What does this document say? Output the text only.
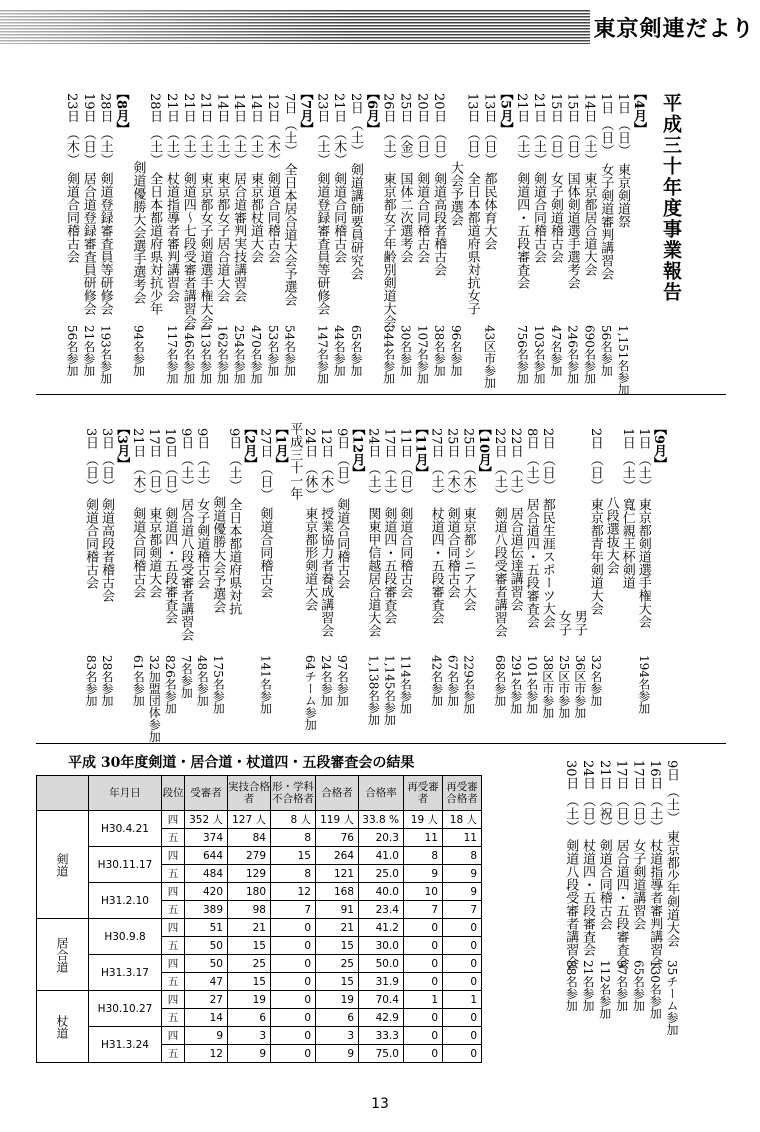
東京剣連だより
平成三十年度事業報告
【4月】
1日（日）東京剣道祭
1,151名参加
1日（日）女子剣道審判講習会
56名参加
14日（土）東京都居合道大会
690名参加
15日（日）国体剣道選手選考会
246名参加
15日（日）女子剣道稽古会
47名参加
21日（土）剣道合同稽古会
103名参加
21日（土）剣道四・五段審査会
756名参加
【5月】
13日（日）都民体育大会
43区市参加
13日（日）全日本都道府県対抗女子
大会予選会
96名参加
20日（日）剣道高段者稽古会
38名参加
20日（日）剣道合同稽古会
107名参加
25日（金）国体二次選考会
30名参加
26日（土）東京都女子年齢別剣道大会
344名参加
【6月】
2日（土）剣道講師要員研究会
65名参加
21日（木）剣道合同稽古会
44名参加
23日（土）剣道登録審査員等研修会
147名参加
【7月】
7日（土）全日本居合道大会予選会
54名参加
12日（木）剣道合同稽古会
53名参加
14日（土）東京都杖道大会
470名参加
14日（土）居合道審判実技講習会
254名参加
14日（土）東京都女子居合道大会
162名参加
21日（土）東京都女子剣道選手権大会
113名参加
21日（土）剣道四～七段受審者講習会
146名参加
21日（土）杖道指導者審判講習会
117名参加
28日（土）全日本都道府県対抗少年
剣道優勝大会選手選考会
94名参加
【8月】
28日（土）剣道登録審査員等研修会
193名参加
19日（日）居合道登録審査員研修会
21名参加
23日（木）剣道合同稽古会
56名参加
【9月】
1日（土）東京都剣道選手権大会
194名参加
1日（土）寬仁親王杯剣道
八段選抜大会
2日（日）東京都青年剣道大会
32名参加
男子
36区市参加
女子
25区市参加
2日（日）都民生涯スポーツ大会
38区市参加
8日（土）居合道四・五段審査会
101名参加
22日（土）居合道伝達講習会
291名参加
22日（土）剣道八段受審者講習会
68名参加
【10月】
25日（木）東京都シニア大会
229名参加
25日（木）剣道合同稽古会
67名参加
27日（土）杖道四・五段審査会
42名参加
【11月】
11日（日）剣道合同稽古会
114名参加
17日（土）剣道四・五段審査会
1,145名参加
24日（土）関東甲信越居合道大会
1,138名参加
【12月】
9日（日）剣道合同稽古会
97名参加
12日（木）授業協力者養成講習会
24名参加
24日（休）東京都形剣道大会
64チーム参加
平成三十一年
【1月】
27日（日）剣道合同稽古会
141名参加
【2月】
9日（土）全日本都道府県対抗
剣道優勝大会予選会
175名参加
9日（土）女子剣道稽古会
48名参加
9日（土）居合道八段受審者講習会
7名参加
10日（日）剣道四・五段審査会
826名参加
17日（日）東京都剣道大会
32加盟団体参加
21日（木）剣道合同稽古会
61名参加
【3月】
3日（日）剣道高段者稽古会
28名参加
3日（日）剣道合同稽古会
83名参加
9日（土）東京都少年剣道大会
35チーム参加
16日（土）杖道指導者審判講習会
130名参加
17日（日）女子剣道講習会
65名参加
17日（日）居合道四・五段審査会
97名参加
21日（祝）剣道合同稽古会
112名参加
24日（日）杖道四・五段審査会
21名参加
30日（土）剣道八段受審者講習会
88名参加
平成 30年度剣道・居合道・杖道四・五段審査会の結果
	年月日	段位	受審者	実技合格者	形・学科不合格者	合格者	合格率	再受審者	再受審合格者
剣道	H30.4.21	四	352 人	127 人	8 人	119 人	33.8 %	19 人	18 人
		五	374	84	8	76	20.3	11	11
	H30.11.17	四	644	279	15	264	41.0	8	8
		五	484	129	8	121	25.0	9	9
	H31.2.10	四	420	180	12	168	40.0	10	9
		五	389	98	7	91	23.4	7	7
居合道	H30.9.8	四	51	21	0	21	41.2	0	0
		五	50	15	0	15	30.0	0	0
	H31.3.17	四	50	25	0	25	50.0	0	0
		五	47	15	0	15	31.9	0	0
杖道	H30.10.27	四	27	19	0	19	70.4	1	1
		五	14	6	0	6	42.9	0	0
	H31.3.24	四	9	3	0	3	33.3	0	0
		五	12	9	0	9	75.0	0	0
13
